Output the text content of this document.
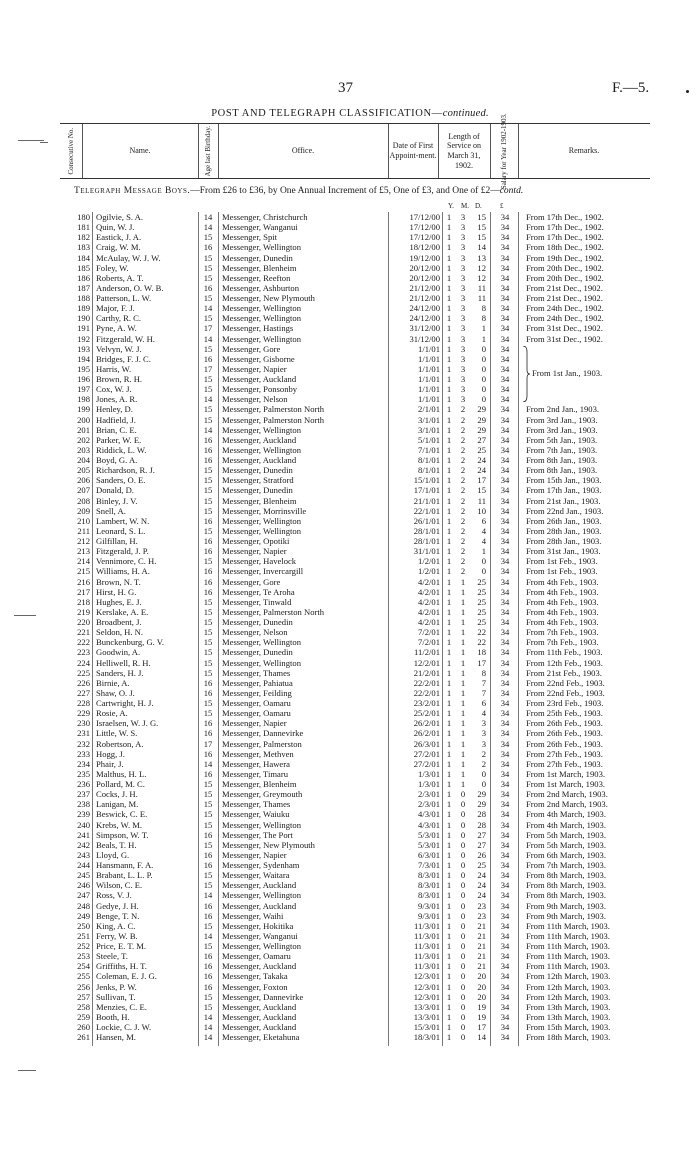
37	F.—5.
POST AND TELEGRAPH CLASSIFICATION—continued.
Consecutive No.	Name.	Age last Birthday.	Office.
Date of First Appoint-ment.
Length of Service on March 31, 1902.	Salary for Year 1902-1903.	Remarks.
Telegraph Message Boys.—From £26 to £36, by One Annual Increment of £5, One of £3, and One of £2—contd.
Y. M. D.	£
180 Ogilvie, S. A.	14	Messenger, Christchurch	17/12/00 1	3	15	34	From 17th Dec., 1902.
181 Quin, W. J.	14	Messenger, Wanganui	17/12/00 1	3	15	34	From 17th Dec., 1902.
182 Eastick, J. A.	15	Messenger, Spit	17/12/00 1	3	15	34	From 17th Dec., 1902.
183 Craig, W. M.	16	Messenger, Wellington	18/12/00 1	3	14	34	From 18th Dec., 1902.
184 McAulay, W. J. W.	15	Messenger, Dunedin	19/12/00 1	3	13	34	From 19th Dec., 1902.
185 Foley, W.	15	Messenger, Blenheim	20/12/00 1	3	12	34	From 20th Dec., 1902.
186 Roberts, A. T.	15	Messenger, Reefton	20/12/00 1	3	12	34	From 20th Dec., 1902.
187 Anderson, O. W. B.	16	Messenger, Ashburton	21/12/00 1	3	11	34	From 21st Dec., 1902.
188 Patterson, L. W.	15	Messenger, New Plymouth	21/12/00 1	3	11	34	From 21st Dec., 1902.
189 Major, F. J.	14	Messenger, Wellington	24/12/00 1	3	8	34	From 24th Dec., 1902.
190 Carthy, R. C.	15	Messenger, Wellington	24/12/00 1	3	8	34	From 24th Dec., 1902.
191 Pyne, A. W.	17	Messenger, Hastings	31/12/00 1	3	1	34	From 31st Dec., 1902.
192 Fitzgerald, W. H.	14	Messenger, Wellington	31/12/00 1	3	1	34	From 31st Dec., 1902.
193 Velvyn, W. J.	15	Messenger, Gore	1/1/01 1	3	0	34
194 Bridges, F. J. C.	16	Messenger, Gisborne	1/1/01 1	3	0	34
195 Harris, W.	17	Messenger, Napier	1/1/01 1	3	0	34
196 Brown, R. H.	15	Messenger, Auckland	1/1/01 1	3	0	34
197 Cox, W. J.	15	Messenger, Ponsonby	1/1/01 1	3	0	34
198 Jones, A. R.	14	Messenger, Nelson	1/1/01 1	3	0	34
199 Henley, D.	15	Messenger, Palmerston North	2/1/01 1	2	29	34	From 2nd Jan., 1903.
200 Hadfield, J.	15	Messenger, Palmerston North	3/1/01 1	2	29	34	From 3rd Jan., 1903.
201 Brian, C. E.	14	Messenger, Wellington	3/1/01 1	2	29	34	From 3rd Jan., 1903.
202 Parker, W. E.	16	Messenger, Auckland	5/1/01 1	2	27	34	From 5th Jan., 1903.
203 Riddick, L. W.	16	Messenger, Wellington	7/1/01 1	2	25	34	From 7th Jan., 1903.
204 Boyd, G. A.	16	Messenger, Auckland	8/1/01 1	2	24	34	From 8th Jan., 1903.
205 Richardson, R. J.	15	Messenger, Dunedin	8/1/01 1	2	24	34	From 8th Jan., 1903.
206 Sanders, O. E.	15	Messenger, Stratford	15/1/01 1	2	17	34	From 15th Jan., 1903.
207 Donald, D.	15	Messenger, Dunedin	17/1/01 1	2	15	34	From 17th Jan., 1903.
208 Binley, J. V.	15	Messenger, Blenheim	21/1/01 1	2	11	34	From 21st Jan., 1903.
209 Snell, A.	15	Messenger, Morrinsville	22/1/01 1	2	10	34	From 22nd Jan., 1903.
210 Lambert, W. N.	16	Messenger, Wellington	26/1/01 1	2	6	34	From 26th Jan., 1903.
211 Leonard, S. L.	15	Messenger, Wellington	28/1/01 1	2	4	34	From 28th Jan., 1903.
212 Gilfillan, H.	16	Messenger, Opotiki	28/1/01 1	2	4	34	From 28th Jan., 1903.
213 Fitzgerald, J. P.	16	Messenger, Napier	31/1/01 1	2	1	34	From 31st Jan., 1903.
214 Vennimore, C. H.	15	Messenger, Havelock	1/2/01 1	2	0	34	From 1st Feb., 1903.
215 Williams, H. A.	16	Messenger, Invercargill	1/2/01 1	2	0	34	From 1st Feb., 1903.
216 Brown, N. T.	16	Messenger, Gore	4/2/01 1	1	25	34	From 4th Feb., 1903.
217 Hirst, H. G.	16	Messenger, Te Aroha	4/2/01 1	1	25	34	From 4th Feb., 1903.
218 Hughes, E. J.	15	Messenger, Tinwald	4/2/01 1	1	25	34	From 4th Feb., 1903.
219 Kerslake, A. E.	15	Messenger, Palmerston North	4/2/01 1	1	25	34	From 4th Feb., 1903.
220 Broadbent, J.	15	Messenger, Dunedin	4/2/01 1	1	25	34	From 4th Feb., 1903.
221 Seldon, H. N.	15	Messenger, Nelson	7/2/01 1	1	22	34	From 7th Feb., 1903.
222 Bunckenburg, G. V.	15	Messenger, Wellington	7/2/01 1	1	22	34	From 7th Feb., 1903.
223 Goodwin, A.	15	Messenger, Dunedin	11/2/01 1	1	18	34	From 11th Feb., 1903.
224 Helliwell, R. H.	15	Messenger, Wellington	12/2/01 1	1	17	34	From 12th Feb., 1903.
225 Sanders, H. J.	15	Messenger, Thames	21/2/01 1	1	8	34	From 21st Feb., 1903.
226 Birnie, A.	16	Messenger, Pahiatua	22/2/01 1	1	7	34	From 22nd Feb., 1903.
227 Shaw, O. J.	16	Messenger, Feilding	22/2/01 1	1	7	34	From 22nd Feb., 1903.
228 Cartwright, H. J.	15	Messenger, Oamaru	23/2/01 1	1	6	34	From 23rd Feb., 1903.
229 Rosie, A.	15	Messenger, Oamaru	25/2/01 1	1	4	34	From 25th Feb., 1903.
230 Israelsen, W. J. G.	16	Messenger, Napier	26/2/01 1	1	3	34	From 26th Feb., 1903.
231 Little, W. S.	16	Messenger, Dannevirke	26/2/01 1	1	3	34	From 26th Feb., 1903.
232 Robertson, A.	17	Messenger, Palmerston	26/3/01 1	1	3	34	From 26th Feb., 1903.
233 Hogg, J.	16	Messenger, Methven	27/2/01 1	1	2	34	From 27th Feb., 1903.
234 Phair, J.	14	Messenger, Hawera	27/2/01 1	1	2	34	From 27th Feb., 1903.
235 Malthus, H. L.	16	Messenger, Timaru	1/3/01 1	1	0	34	From 1st March, 1903.
236 Pollard, M. C.	15	Messenger, Blenheim	1/3/01 1	1	0	34	From 1st March, 1903.
237 Cocks, J. H.	15	Messenger, Greymouth	2/3/01 1	0	29	34	From 2nd March, 1903.
238 Lanigan, M.	15	Messenger, Thames	2/3/01 1	0	29	34	From 2nd March, 1903.
239 Beswick, C. E.	15	Messenger, Waiuku	4/3/01 1	0	28	34	From 4th March, 1903.
240 Krebs, W. M.	15	Messenger, Wellington	4/3/01 1	0	28	34	From 4th March, 1903.
241 Simpson, W. T.	16	Messenger, The Port	5/3/01 1	0	27	34	From 5th March, 1903.
242 Beals, T. H.	15	Messenger, New Plymouth	5/3/01 1	0	27	34	From 5th March, 1903.
243 Lloyd, G.	16	Messenger, Napier	6/3/01 1	0	26	34	From 6th March, 1903.
244 Hansmann, F. A.	16	Messenger, Sydenham	7/3/01 1	0	25	34	From 7th March, 1903.
245 Brabant, L. L. P.	15	Messenger, Waitara	8/3/01 1	0	24	34	From 8th March, 1903.
246 Wilson, C. E.	15	Messenger, Auckland	8/3/01 1	0	24	34	From 8th March, 1903.
247 Ross, V. J.	14	Messenger, Wellington	8/3/01 1	0	24	34	From 8th March, 1903.
248 Gedye, J. H.	16	Messenger, Auckland	9/3/01 1	0	23	34	From 9th March, 1903.
249 Benge, T. N.	16	Messenger, Waihi	9/3/01 1	0	23	34	From 9th March, 1903.
250 King, A. C.	15	Messenger, Hokitika	11/3/01 1	0	21	34	From 11th March, 1903.
251 Ferry, W. B.	14	Messenger, Wanganui	11/3/01 1	0	21	34	From 11th March, 1903.
252 Price, E. T. M.	15	Messenger, Wellington	11/3/01 1	0	21	34	From 11th March, 1903.
253 Steele, T.	16	Messenger, Oamaru	11/3/01 1	0	21	34	From 11th March, 1903.
254 Griffiths, H. T.	16	Messenger, Auckland	11/3/01 1	0	21	34	From 11th March, 1903.
255 Coleman, E. J. G.	16	Messenger, Takaka	12/3/01 1	0	20	34	From 12th March, 1903.
256 Jenks, P. W.	16	Messenger, Foxton	12/3/01 1	0	20	34	From 12th March, 1903.
257 Sullivan, T.	15	Messenger, Dannevirke	12/3/01 1	0	20	34	From 12th March, 1903.
258 Menzies, C. E.	15	Messenger, Auckland	13/3/01 1	0	19	34	From 13th March, 1903.
259 Booth, H.	14	Messenger, Auckland	13/3/01 1	0	19	34	From 13th March, 1903.
260 Lockie, C. J. W.	14	Messenger, Auckland	15/3/01 1	0	17	34	From 15th March, 1903.
261 Hansen, M.	14	Messenger, Eketahuna	18/3/01 1	0	14	34	From 18th March, 1903.
From 1st Jan., 1903.
